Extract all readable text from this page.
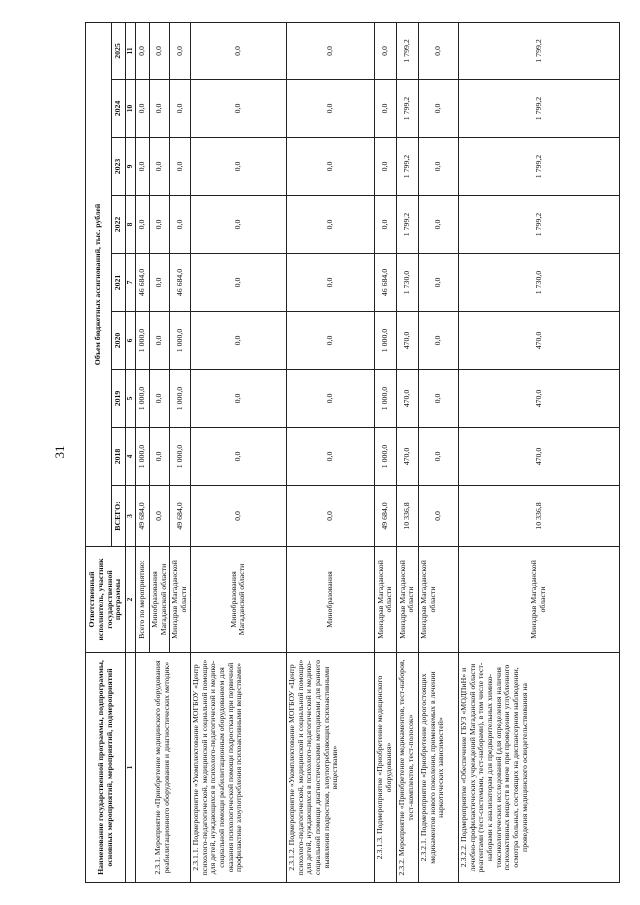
31
Наименование государственной программы, подпрограммы, основных мероприятий, мероприятий, подмероприятий	Ответственный исполнитель, участник государственной программы	Объем бюджетных ассигнований, тыс. рублей								
		ВСЕГО:	2018	2019	2020	2021	2022	2023	2024	2025
1	2	3	4	5	6	7	8	9	10	11
2.3.1. Мероприятие «Приобретение медицинского оборудования реабилитационного оборудования и диагностических методик»	Всего по мероприятию:	49 684,0	1 000,0	1 000,0	1 000,0	46 684,0	0,0	0,0	0,0	0,0
	Минобразования Магаданской области	0,0	0,0	0,0	0,0	0,0	0,0	0,0	0,0	0,0
	Минздрав Магаданской области	49 684,0	1 000,0	1 000,0	1 000,0	46 684,0	0,0	0,0	0,0	0,0
2.3.1.1. Подмероприятие «Укомплектование МОГБОУ «Центр психолого-педагогической, медицинской и социальной помощи» для детей, нуждающихся в психолого-педагогической и медико-социальной помощи реабилитационным оборудованием для оказания психологической помощи подросткам при первичной профилактике злоупотребления психоактивными веществами»	Минобразования Магаданской области	0,0	0,0	0,0	0,0	0,0	0,0	0,0	0,0	0,0
2.3.1.2. Подмероприятие «Укомплектование МОГБОУ «Центр психолого-педагогической, медицинской и социальной помощи» для детей, нуждающихся в психолого-педагогической и медико-социальной помощи диагностическими методиками для раннего выявления подростков, злоупотребляющих психоактивными веществами»	Минобразования	0,0	0,0	0,0	0,0	0,0	0,0	0,0	0,0	0,0
2.3.1.3. Подмероприятие «Приобретение медицинского оборудования»	Минздрав Магаданской области	49 684,0	1 000,0	1 000,0	1 000,0	46 684,0	0,0	0,0	0,0	0,0
2.3.2. Мероприятие «Приобретение медикаментов, тест-наборов, тест-комплектов, тест-полосок»	Минздрав Магаданской области	10 336,8	470,0	470,0	470,0	1 730,0	1 799,2	1 799,2	1 799,2	1 799,2
2.3.2.1. Подмероприятие «Приобретение дорогостоящих медикаментов нового поколения, применяемых в лечении наркотических зависимостей»	Минздрав Магаданской области	0,0	0,0	0,0	0,0	0,0	0,0	0,0	0,0	0,0
2.3.2.2. Подмероприятие «Обеспечение ГБУЗ «МОДПиН» и лечебно-профилактических учреждений Магаданской области реагентами (тест-системами, тест-наборами), в том числе тест-наборами к анализаторам для предварительных химико-токсикологических исследований (для определения наличия психоактивных веществ в моче при проведении углубленного осмотра больных, состоящих на диспансерном наблюдении, проведения медицинского освидетельствования на	Минздрав Магаданской области	10 336,8	470,0	470,0	470,0	1 730,0	1 799,2	1 799,2	1 799,2	1 799,2
